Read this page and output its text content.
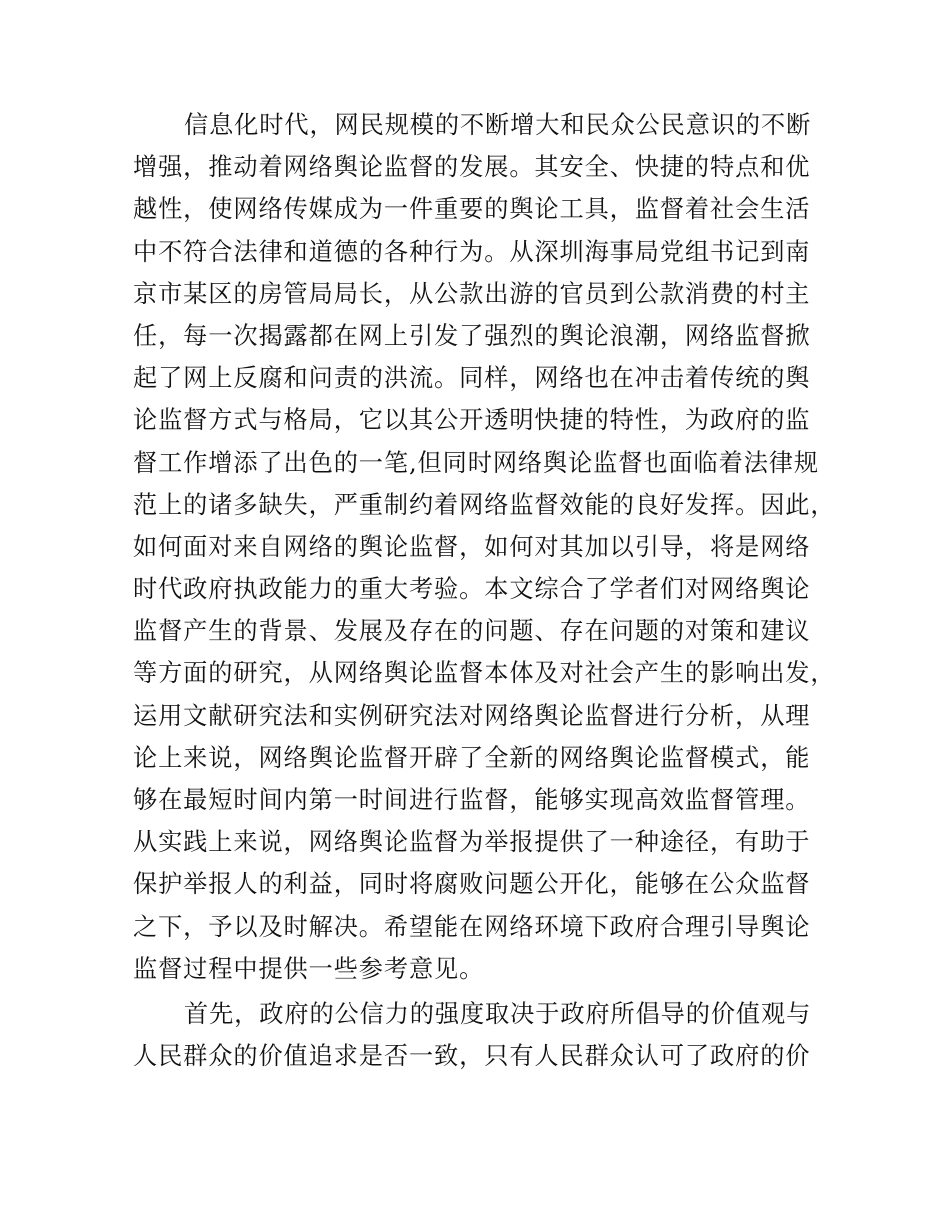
信息化时代，网民规模的不断增大和民众公民意识的不断
增强，推动着网络舆论监督的发展。其安全、快捷的特点和优
越性，使网络传媒成为一件重要的舆论工具，监督着社会生活
中不符合法律和道德的各种行为。从深圳海事局党组书记到南
京市某区的房管局局长，从公款出游的官员到公款消费的村主
任，每一次揭露都在网上引发了强烈的舆论浪潮，网络监督掀
起了网上反腐和问责的洪流。同样，网络也在冲击着传统的舆
论监督方式与格局，它以其公开透明快捷的特性，为政府的监
督工作增添了出色的一笔,但同时网络舆论监督也面临着法律规
范上的诸多缺失，严重制约着网络监督效能的良好发挥。因此，
如何面对来自网络的舆论监督，如何对其加以引导，将是网络
时代政府执政能力的重大考验。本文综合了学者们对网络舆论
监督产生的背景、发展及存在的问题、存在问题的对策和建议
等方面的研究，从网络舆论监督本体及对社会产生的影响出发，
运用文献研究法和实例研究法对网络舆论监督进行分析，从理
论上来说，网络舆论监督开辟了全新的网络舆论监督模式，能
够在最短时间内第一时间进行监督，能够实现高效监督管理。
从实践上来说，网络舆论监督为举报提供了一种途径，有助于
保护举报人的利益，同时将腐败问题公开化，能够在公众监督
之下，予以及时解决。希望能在网络环境下政府合理引导舆论
监督过程中提供一些参考意见。
首先，政府的公信力的强度取决于政府所倡导的价值观与
人民群众的价值追求是否一致，只有人民群众认可了政府的价
